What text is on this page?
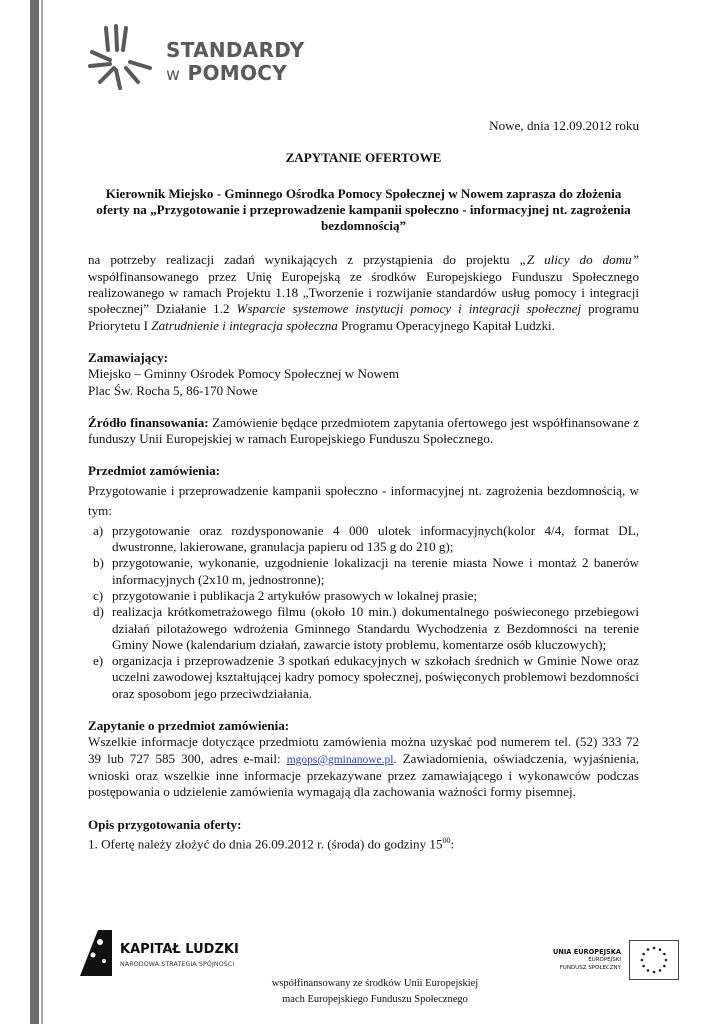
STANDARDY
w POMOCY

Nowe, dnia 12.09.2012 roku

ZAPYTANIE OFERTOWE

Kierownik Miejsko - Gminnego Ośrodka Pomocy Społecznej w Nowem zaprasza do złożenia oferty na „Przygotowanie i przeprowadzenie kampanii społeczno - informacyjnej nt. zagrożenia bezdomnością”

na potrzeby realizacji zadań wynikających z przystąpienia do projektu „Z ulicy do domu” współfinansowanego przez Unię Europejską ze środków Europejskiego Funduszu Społecznego realizowanego w ramach Projektu 1.18 „Tworzenie i rozwijanie standardów usług pomocy i integracji społecznej” Działanie 1.2 Wsparcie systemowe instytucji pomocy i integracji społecznej programu Priorytetu I Zatrudnienie i integracja społeczna Programu Operacyjnego Kapitał Ludzki.

Zamawiający:

Miejsko – Gminny Ośrodek Pomocy Społecznej w Nowem

Plac Św. Rocha 5, 86-170 Nowe

Źródło finansowania: Zamówienie będące przedmiotem zapytania ofertowego jest współfinansowane z funduszy Unii Europejskiej w ramach Europejskiego Funduszu Społecznego.

Przedmiot zamówienia:

Przygotowanie i przeprowadzenie kampanii społeczno - informacyjnej nt. zagrożenia bezdomnością, w tym:

a) przygotowanie oraz rozdysponowanie 4 000 ulotek informacyjnych(kolor 4/4, format DL, dwustronne, lakierowane, granulacja papieru od 135 g do 210 g);
b) przygotowanie, wykonanie, uzgodnienie lokalizacji na terenie miasta Nowe i montaż 2 banerów informacyjnych (2x10 m, jednostronne);
c) przygotowanie i publikacja 2 artykułów prasowych w lokalnej prasie;
d) realizacja krótkometrażowego filmu (około 10 min.) dokumentalnego poświeconego przebiegowi działań pilotażowego wdrożenia Gminnego Standardu Wychodzenia z Bezdomności na terenie Gminy Nowe (kalendarium działań, zawarcie istoty problemu, komentarze osób kluczowych);
e) organizacja i przeprowadzenie 3 spotkań edukacyjnych w szkołach średnich w Gminie Nowe oraz uczelni zawodowej kształtującej kadry pomocy społecznej, poświęconych problemowi bezdomności oraz sposobom jego przeciwdziałania.

Zapytanie o przedmiot zamówienia:

Wszelkie informacje dotyczące przedmiotu zamówienia można uzyskać pod numerem tel. (52) 333 72 39 lub 727 585 300, adres e-mail: mgops@gminanowe.pl. Zawiadomienia, oświadczenia, wyjaśnienia, wnioski oraz wszelkie inne informacje przekazywane przez zamawiającego i wykonawców podczas postępowania o udzielenie zamówienia wymagają dla zachowania ważności formy pisemnej.

Opis przygotowania oferty:

1. Ofertę należy złożyć do dnia 26.09.2012 r. (środa) do godziny $15^{00}$:

KAPITAŁ LUDZKI
NARODOWA STRATEGIA SPÓJNOŚCI
UNIA EUROPEJSKA
EUROPEJSKI
FUNDUSZ SPOŁECZNY
współfinansowany ze środków Unii Europejskiej
mach Europejskiego Funduszu Społecznego
